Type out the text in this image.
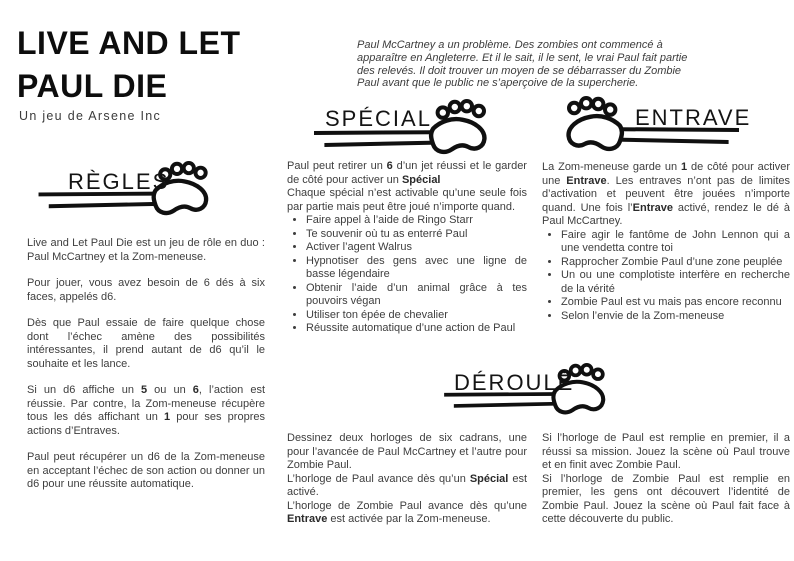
LIVE AND LET
PAUL DIE
Un jeu de Arsene Inc

Paul McCartney a un problème. Des zombies ont commencé à apparaître en Angleterre. Et il le sait, il le sent, le vrai Paul fait partie des relevés. Il doit trouver un moyen de se débarrasser du Zombie Paul avant que le public ne s’aperçoive de la supercherie.

RÈGLES
SPÉCIAL	ENTRAVE
DÉROULÉ

Live and Let Paul Die est un jeu de rôle en duo : Paul McCartney et la Zom-meneuse.

Pour jouer, vous avez besoin de 6 dés à six faces, appelés d6.

Dès que Paul essaie de faire quelque chose dont l’échec amène des possibilités intéressantes, il prend autant de d6 qu’il le souhaite et les lance.

Si un d6 affiche un 5 ou un 6, l’action est réussie. Par contre, la Zom-meneuse récupère tous les dés affichant un 1 pour ses propres actions d’Entraves.

Paul peut récupérer un d6 de la Zom-meneuse en acceptant l’échec de son action ou donner un d6 pour une réussite automatique.

Paul peut retirer un 6 d’un jet réussi et le garder de côté pour activer un Spécial

Chaque spécial n’est activable qu’une seule fois par partie mais peut être joué n’importe quand.

• Faire appel à l’aide de Ringo Starr
• Te souvenir où tu as enterré Paul
• Activer l’agent Walrus
• Hypnotiser des gens avec une ligne de basse légendaire
• Obtenir l’aide d’un animal grâce à tes pouvoirs végan
• Utiliser ton épée de chevalier
• Réussite automatique d’une action de Paul

La Zom-meneuse garde un 1 de côté pour activer une Entrave. Les entraves n’ont pas de limites d’activation et peuvent être jouées n’importe quand. Une fois l’Entrave activé, rendez le dé à Paul McCartney.

• Faire agir le fantôme de John Lennon qui a une vendetta contre toi
• Rapprocher Zombie Paul d’une zone peuplée
• Un ou une complotiste interfère en recherche de la vérité
• Zombie Paul est vu mais pas encore reconnu
• Selon l’envie de la Zom-meneuse

Dessinez deux horloges de six cadrans, une pour l’avancée de Paul McCartney et l’autre pour Zombie Paul.

L’horloge de Paul avance dès qu’un Spécial est activé.

L’horloge de Zombie Paul avance dès qu’une Entrave est activée par la Zom-meneuse.

Si l’horloge de Paul est remplie en premier, il a réussi sa mission. Jouez la scène où Paul trouve et en finit avec Zombie Paul.

Si l’horloge de Zombie Paul est remplie en premier, les gens ont découvert l’identité de Zombie Paul. Jouez la scène où Paul fait face à cette découverte du public.
